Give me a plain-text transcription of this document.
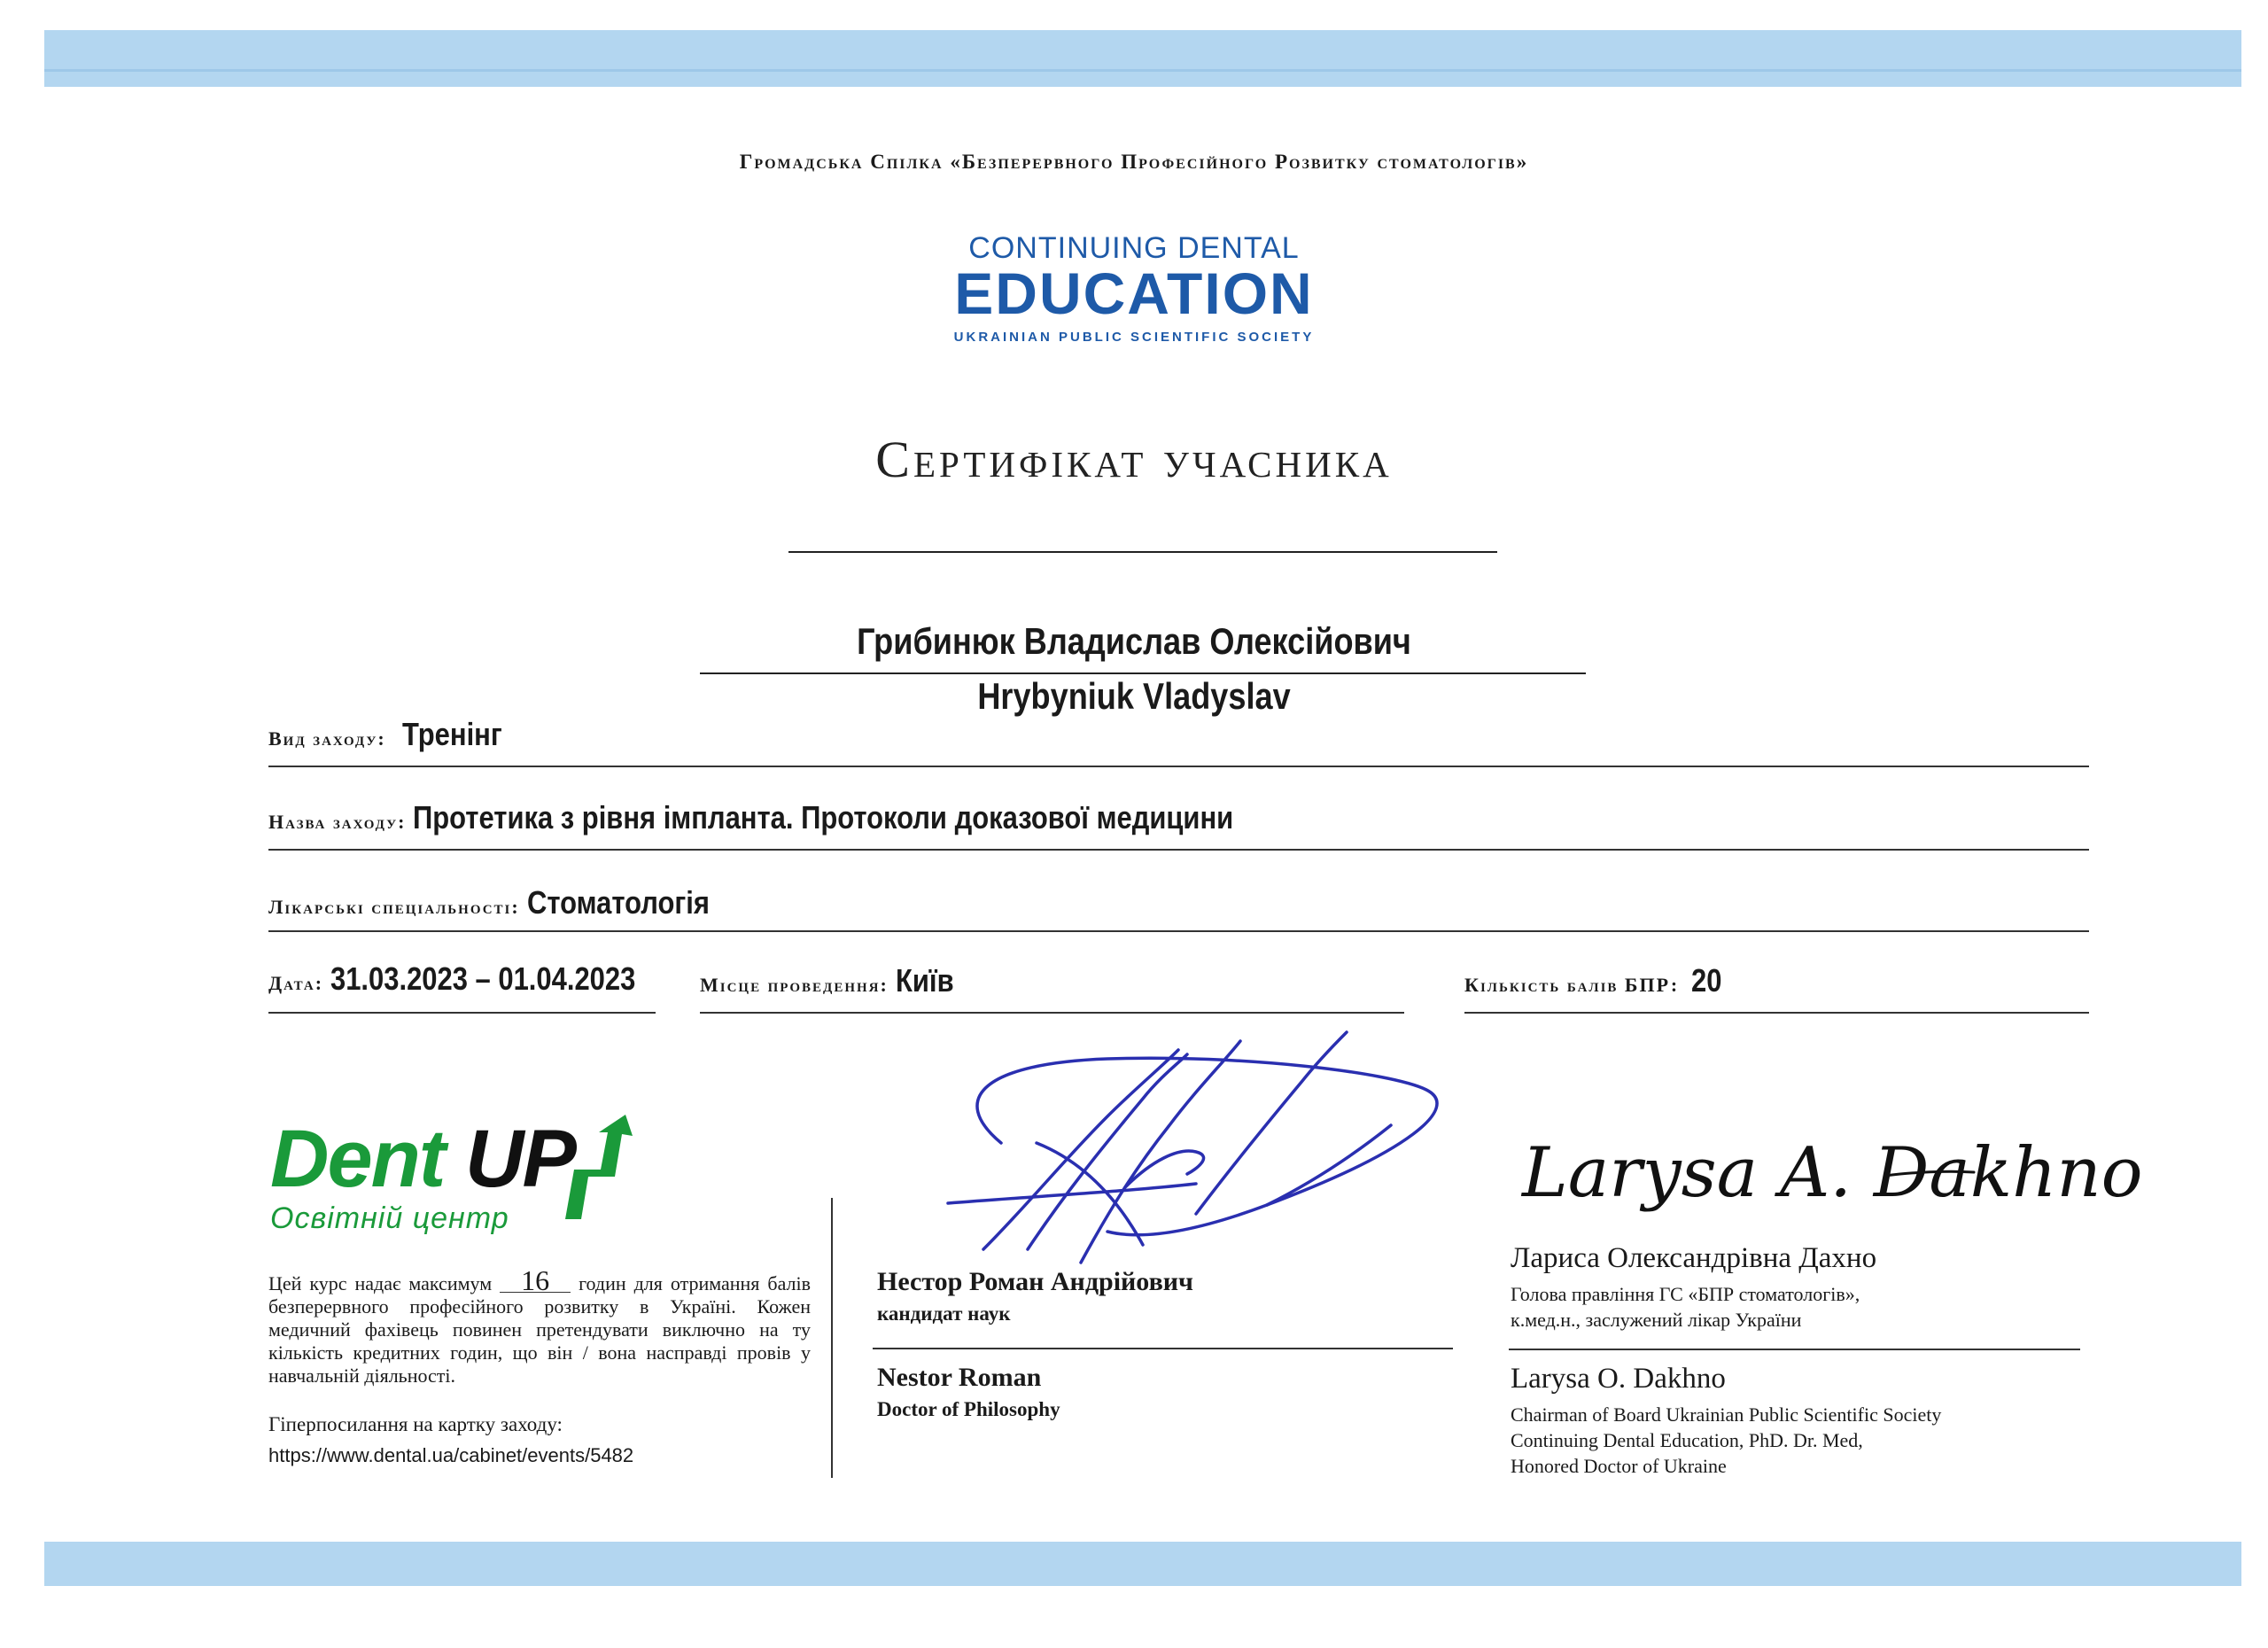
Громадська Спілка «Безперервного Професійного Розвитку стоматологів»
CONTINUING DENTAL
EDUCATION
UKRAINIAN PUBLIC SCIENTIFIC SOCIETY
Сертифікат учасника
Грибинюк Владислав Олексійович
Hrybyniuk Vladyslav
Вид заходу: Тренінг
Назва заходу: Протетика з рівня імпланта. Протоколи доказової медицини
Лікарські спеціальності: Стоматологія
Дата: 31.03.2023 – 01.04.2023	Місце проведення: Київ	Кількість балів БПР: 20
Dent UP
Освітній центр
Цей курс надає максимум 16 годин для отримання балів безперервного професійного розвитку в Україні. Кожен медичний фахівець повинен претендувати виключно на ту кількість кредитних годин, що він / вона насправді провів у навчальній діяльності.
Гіперпосилання на картку заходу:
https://www.dental.ua/cabinet/events/5482
Нестор Роман Андрійович
кандидат наук
Nestor Roman
Doctor of Philosophy
Larysa A. Dakhno
Лариса Олександрівна Дахно
Голова правління ГС «БПР стоматологів»,
к.мед.н., заслужений лікар України
Larysa O. Dakhno
Chairman of Board Ukrainian Public Scientific Society
Continuing Dental Education, PhD. Dr. Med,
Honored Doctor of Ukraine
